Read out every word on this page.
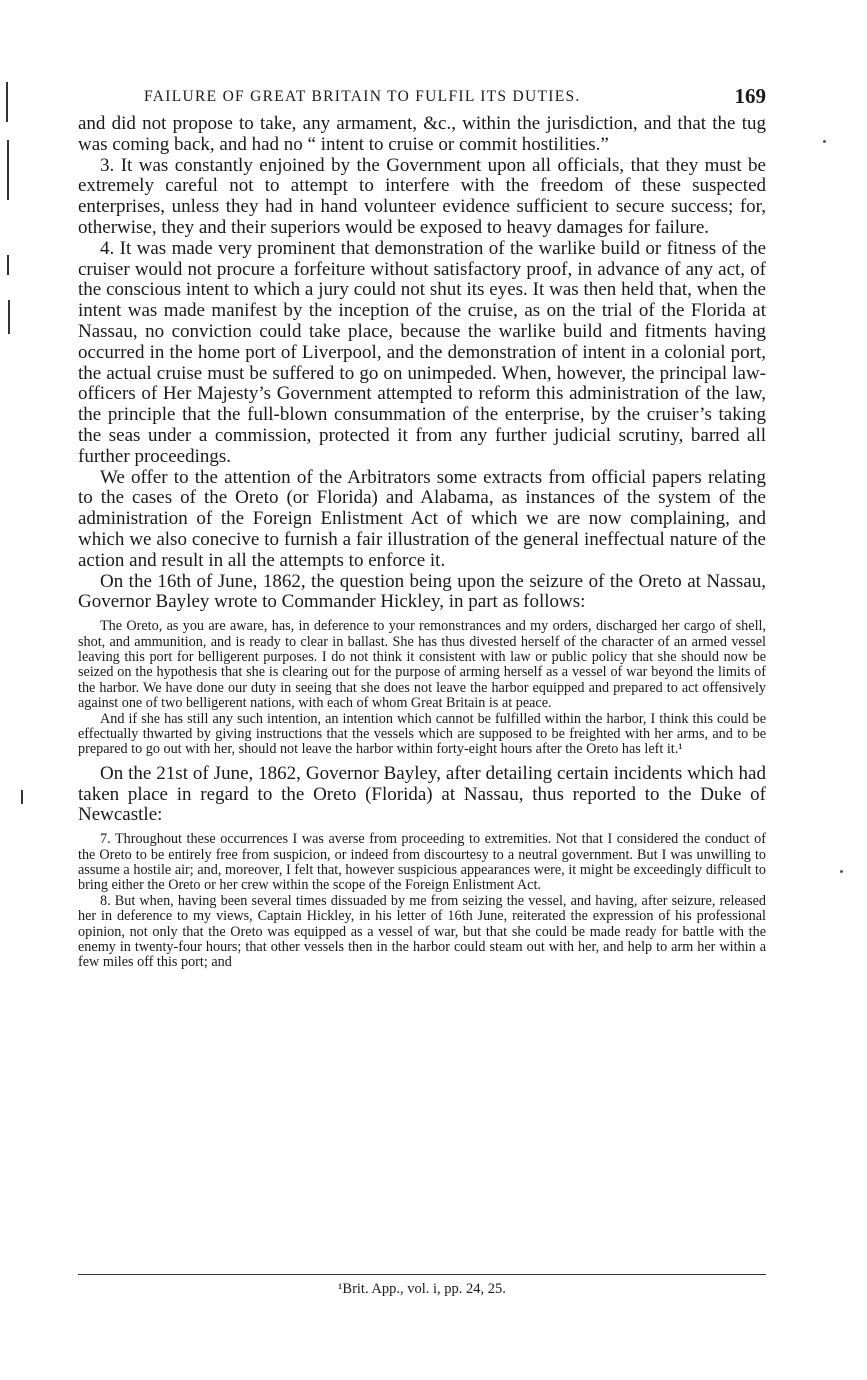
FAILURE OF GREAT BRITAIN TO FULFIL ITS DUTIES.	169

and did not propose to take, any armament, &c., within the jurisdiction, and that the tug was coming back, and had no “ intent to cruise or commit hostilities.”

3. It was constantly enjoined by the Government upon all officials, that they must be extremely careful not to attempt to interfere with the freedom of these suspected enterprises, unless they had in hand volunteer evidence sufficient to secure success; for, otherwise, they and their superiors would be exposed to heavy damages for failure.

4. It was made very prominent that demonstration of the warlike build or fitness of the cruiser would not procure a forfeiture without satisfactory proof, in advance of any act, of the conscious intent to which a jury could not shut its eyes. It was then held that, when the intent was made manifest by the inception of the cruise, as on the trial of the Florida at Nassau, no conviction could take place, because the warlike build and fitments having occurred in the home port of Liverpool, and the demonstration of intent in a colonial port, the actual cruise must be suffered to go on unimpeded. When, however, the principal law-officers of Her Majesty’s Government attempted to reform this administration of the law, the principle that the full-blown consummation of the enterprise, by the cruiser’s taking the seas under a commission, protected it from any further judicial scrutiny, barred all further proceedings.

We offer to the attention of the Arbitrators some extracts from official papers relating to the cases of the Oreto (or Florida) and Alabama, as instances of the system of the administration of the Foreign Enlistment Act of which we are now complaining, and which we also conecive to furnish a fair illustration of the general ineffectual nature of the action and result in all the attempts to enforce it.

On the 16th of June, 1862, the question being upon the seizure of the Oreto at Nassau, Governor Bayley wrote to Commander Hickley, in part as follows:

The Oreto, as you are aware, has, in deference to your remonstrances and my orders, discharged her cargo of shell, shot, and ammunition, and is ready to clear in ballast. She has thus divested herself of the character of an armed vessel leaving this port for belligerent purposes. I do not think it consistent with law or public policy that she should now be seized on the hypothesis that she is clearing out for the purpose of arming herself as a vessel of war beyond the limits of the harbor. We have done our duty in seeing that she does not leave the harbor equipped and prepared to act offensively against one of two belligerent nations, with each of whom Great Britain is at peace.

And if she has still any such intention, an intention which cannot be fulfilled within the harbor, I think this could be effectually thwarted by giving instructions that the vessels which are supposed to be freighted with her arms, and to be prepared to go out with her, should not leave the harbor within forty-eight hours after the Oreto has left it.¹

On the 21st of June, 1862, Governor Bayley, after detailing certain incidents which had taken place in regard to the Oreto (Florida) at Nassau, thus reported to the Duke of Newcastle:

7. Throughout these occurrences I was averse from proceeding to extremities. Not that I considered the conduct of the Oreto to be entirely free from suspicion, or indeed from discourtesy to a neutral government. But I was unwilling to assume a hostile air; and, moreover, I felt that, however suspicious appearances were, it might be exceedingly difficult to bring either the Oreto or her crew within the scope of the Foreign Enlistment Act.

8. But when, having been several times dissuaded by me from seizing the vessel, and having, after seizure, released her in deference to my views, Captain Hickley, in his letter of 16th June, reiterated the expression of his professional opinion, not only that the Oreto was equipped as a vessel of war, but that she could be made ready for battle with the enemy in twenty-four hours; that other vessels then in the harbor could steam out with her, and help to arm her within a few miles off this port; and

¹Brit. App., vol. i, pp. 24, 25.
